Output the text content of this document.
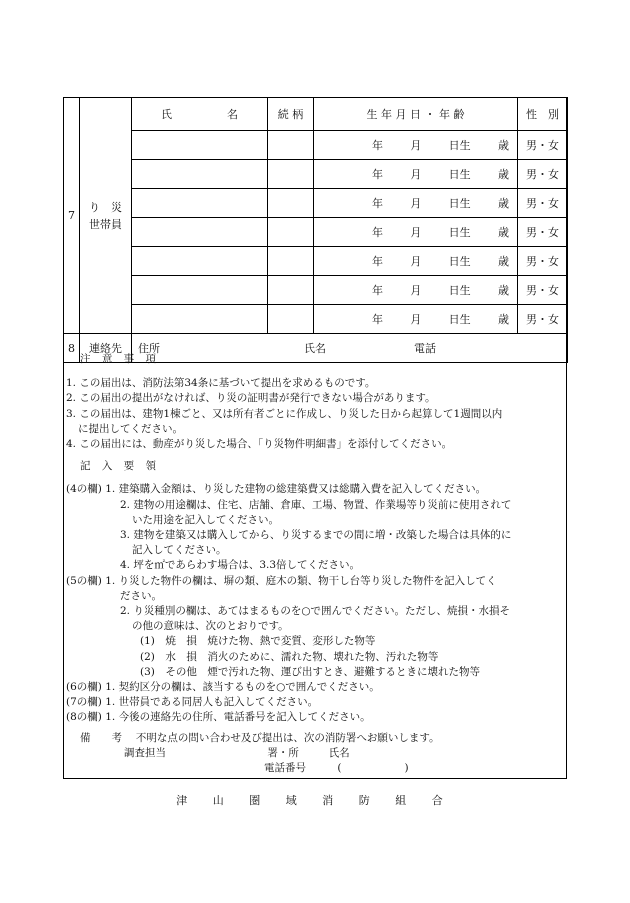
7	り　災
世帯員	氏　　　　　名	続 柄	生 年 月 日 ・ 年 齢	性　別

				年 月 日生 歳	男・女

				年 月 日生 歳	男・女

				年 月 日生 歳	男・女

				年 月 日生 歳	男・女

				年 月 日生 歳	男・女

				年 月 日生 歳	男・女

				年 月 日生 歳	男・女
8	連絡先	住所 氏名 電話			

注 意 事 項

1. この届出は、消防法第34条に基づいて提出を求めるものです。

2. この届出の提出がなければ、り災の証明書が発行できない場合があります。

3. この届出は、建物1棟ごと、又は所有者ごとに作成し、り災した日から起算して1週間以内

に提出してください。

4. この届出には、動産がり災した場合、「り災物件明細書」を添付してください。

記 入 要 領

(4の欄) 1. 建築購入金額は、り災した建物の総建築費又は総購入費を記入してください。

2. 建物の用途欄は、住宅、店舗、倉庫、工場、物置、作業場等り災前に使用されて

いた用途を記入してください。

3. 建物を建築又は購入してから、り災するまでの間に増・改築した場合は具体的に

記入してください。

4. 坪を㎡であらわす場合は、3.3倍してください。

(5の欄) 1. り災した物件の欄は、塀の類、庭木の類、物干し台等り災した物件を記入してく

ださい。

2. り災種別の欄は、あてはまるものを○で囲んでください。ただし、焼損・水損そ

の他の意味は、次のとおりです。

(1)　焼　損　焼けた物、熱で変質、変形した物等

(2)　水　損　消火のために、濡れた物、壊れた物、汚れた物等

(3)　その他　煙で汚れた物、運び出すとき、避難するときに壊れた物等

(6の欄) 1. 契約区分の欄は、該当するものを○で囲んでください。

(7の欄) 1. 世帯員である同居人も記入してください。

(8の欄) 1. 今後の連絡先の住所、電話番号を記入してください。

備　　考　 不明な点の問い合わせ及び提出は、次の消防署へお願いします。

調査担当	署・所	氏名

電話番号	(　　　　　　)

津 山 圏 域 消 防 組 合
